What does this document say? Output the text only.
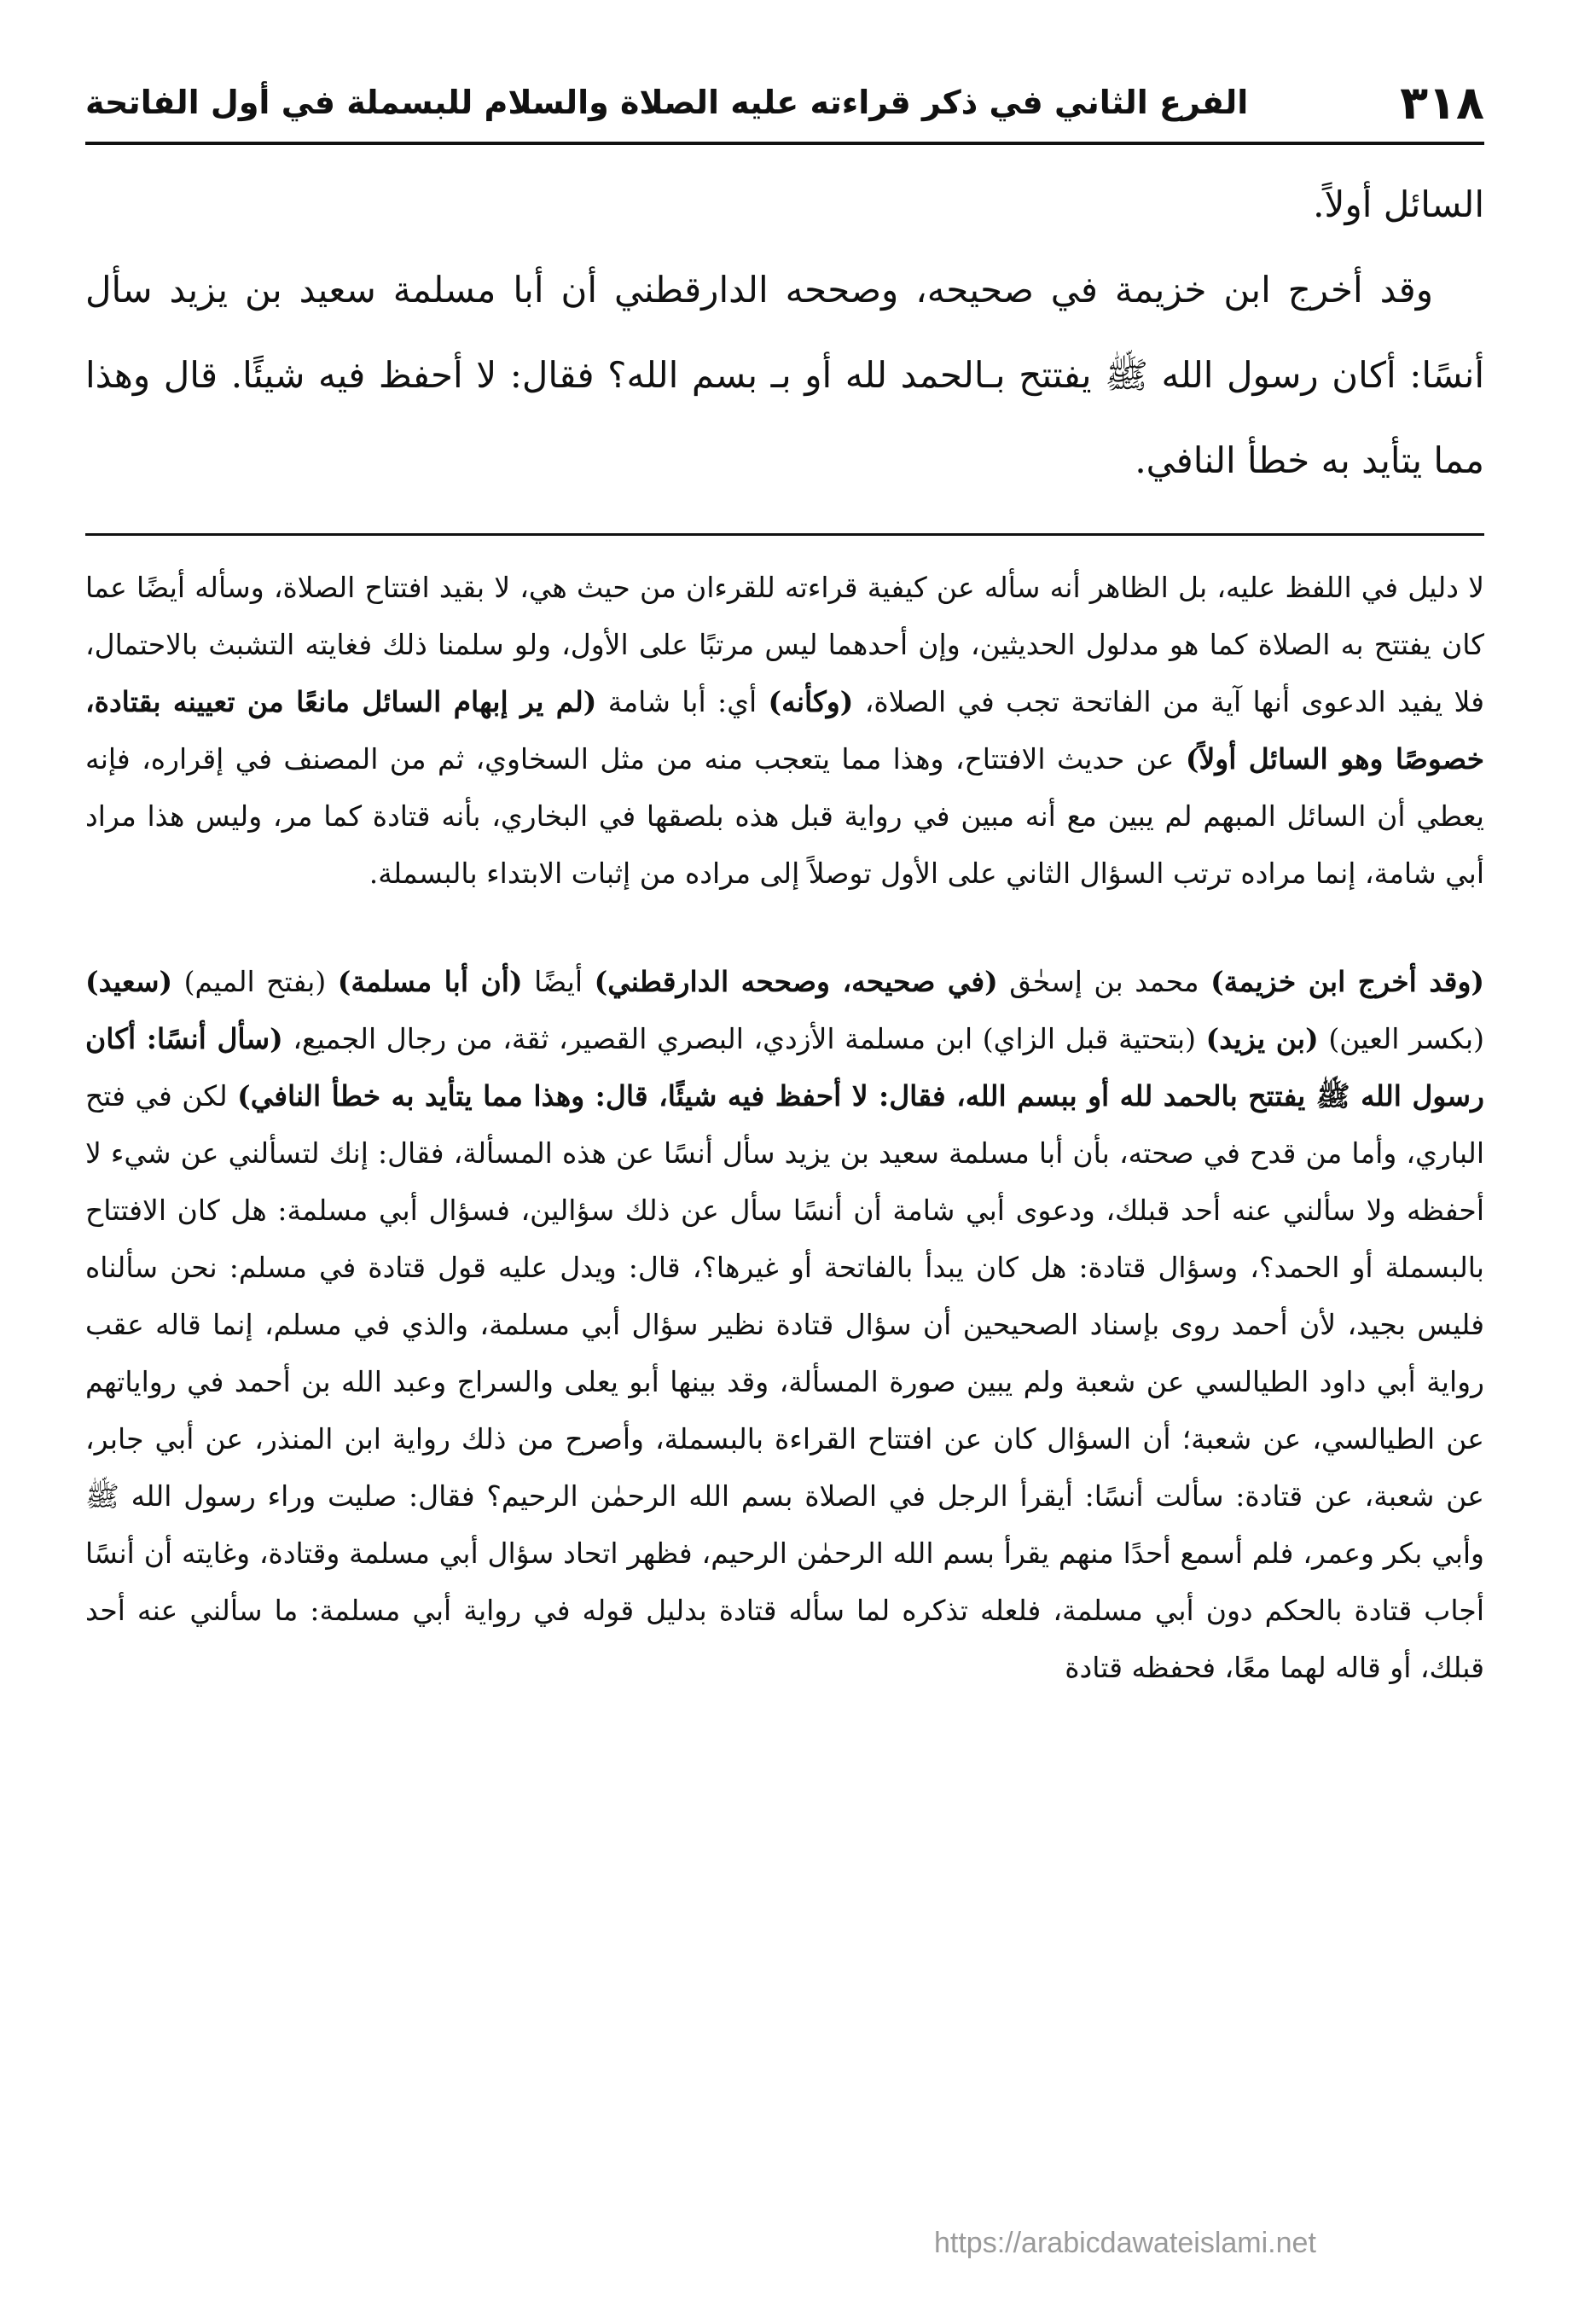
٣١٨
الفرع الثاني في ذكر قراءته عليه الصلاة والسلام للبسملة في أول الفاتحة

السائل أولاً.

وقد أخرج ابن خزيمة في صحيحه، وصححه الدارقطني أن أبا مسلمة سعيد بن يزيد سأل أنسًا: أكان رسول الله ﷺ يفتتح بـالحمد لله أو بـ بسم الله؟ فقال: لا أحفظ فيه شيئًا. قال وهذا مما يتأيد به خطأ النافي.

لا دليل في اللفظ عليه، بل الظاهر أنه سأله عن كيفية قراءته للقرءان من حيث هي، لا بقيد افتتاح الصلاة، وسأله أيضًا عما كان يفتتح به الصلاة كما هو مدلول الحديثين، وإن أحدهما ليس مرتبًا على الأول، ولو سلمنا ذلك فغايته التشبث بالاحتمال، فلا يفيد الدعوى أنها آية من الفاتحة تجب في الصلاة، (وكأنه) أي: أبا شامة (لم ير إبهام السائل مانعًا من تعيينه بقتادة، خصوصًا وهو السائل أولاً) عن حديث الافتتاح، وهذا مما يتعجب منه من مثل السخاوي، ثم من المصنف في إقراره، فإنه يعطي أن السائل المبهم لم يبين مع أنه مبين في رواية قبل هذه بلصقها في البخاري، بأنه قتادة كما مر، وليس هذا مراد أبي شامة، إنما مراده ترتب السؤال الثاني على الأول توصلاً إلى مراده من إثبات الابتداء بالبسملة.

(وقد أخرج ابن خزيمة) محمد بن إسحٰق (في صحيحه، وصححه الدارقطني) أيضًا (أن أبا مسلمة) (بفتح الميم) (سعيد) (بكسر العين) (بن يزيد) (بتحتية قبل الزاي) ابن مسلمة الأزدي، البصري القصير، ثقة، من رجال الجميع، (سأل أنسًا: أكان رسول الله ﷺ يفتتح بالحمد لله أو ببسم الله، فقال: لا أحفظ فيه شيئًا، قال: وهذا مما يتأيد به خطأ النافي) لكن في فتح الباري، وأما من قدح في صحته، بأن أبا مسلمة سعيد بن يزيد سأل أنسًا عن هذه المسألة، فقال: إنك لتسألني عن شيء لا أحفظه ولا سألني عنه أحد قبلك، ودعوى أبي شامة أن أنسًا سأل عن ذلك سؤالين، فسؤال أبي مسلمة: هل كان الافتتاح بالبسملة أو الحمد؟، وسؤال قتادة: هل كان يبدأ بالفاتحة أو غيرها؟، قال: ويدل عليه قول قتادة في مسلم: نحن سألناه فليس بجيد، لأن أحمد روى بإسناد الصحيحين أن سؤال قتادة نظير سؤال أبي مسلمة، والذي في مسلم، إنما قاله عقب رواية أبي داود الطيالسي عن شعبة ولم يبين صورة المسألة، وقد بينها أبو يعلى والسراج وعبد الله بن أحمد في رواياتهم عن الطيالسي، عن شعبة؛ أن السؤال كان عن افتتاح القراءة بالبسملة، وأصرح من ذلك رواية ابن المنذر، عن أبي جابر، عن شعبة، عن قتادة: سألت أنسًا: أيقرأ الرجل في الصلاة بسم الله الرحمٰن الرحيم؟ فقال: صليت وراء رسول الله ﷺ وأبي بكر وعمر، فلم أسمع أحدًا منهم يقرأ بسم الله الرحمٰن الرحيم، فظهر اتحاد سؤال أبي مسلمة وقتادة، وغايته أن أنسًا أجاب قتادة بالحكم دون أبي مسلمة، فلعله تذكره لما سأله قتادة بدليل قوله في رواية أبي مسلمة: ما سألني عنه أحد قبلك، أو قاله لهما معًا، فحفظه قتادة

https://arabicdawateislami.net
